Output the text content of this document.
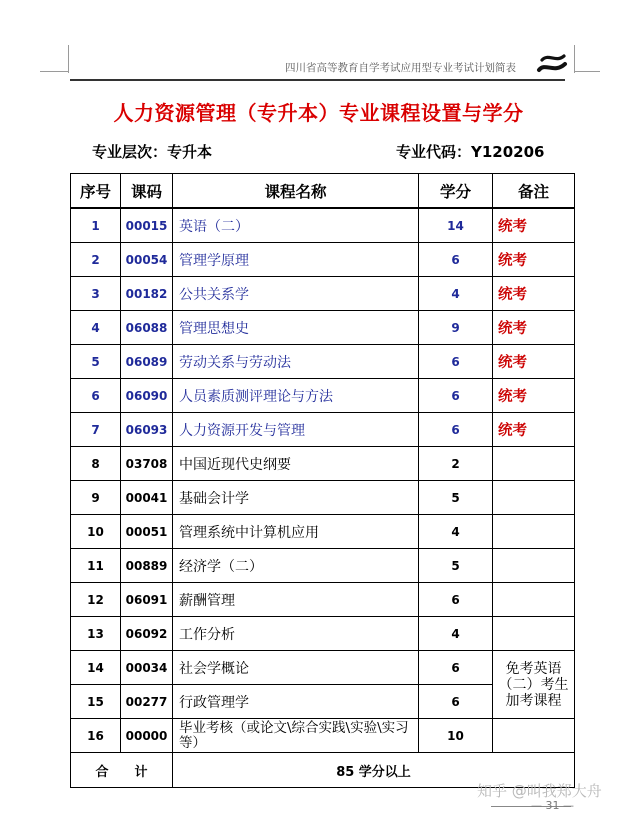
四川省高等教育自学考试应用型专业考试计划简表
人力资源管理（专升本）专业课程设置与学分
专业层次：专升本	专业代码：Y120206
序号	课码	课程名称	学分	备注
1	00015	英语（二）	14	统考
2	00054	管理学原理	6	统考
3	00182	公共关系学	4	统考
4	06088	管理思想史	9	统考
5	06089	劳动关系与劳动法	6	统考
6	06090	人员素质测评理论与方法	6	统考
7	06093	人力资源开发与管理	6	统考
8	03708	中国近现代史纲要	2	
9	00041	基础会计学	5	
10	00051	管理系统中计算机应用	4	
11	00889	经济学（二）	5	
12	06091	薪酬管理	6	
13	06092	工作分析	4	
14	00034	社会学概论	6	免考英语（二）考生加考课程
15	00277	行政管理学	6	
16	00000	毕业考核（或论文\综合实践\实验\实习等）	10	
合　　计		85 学分以上		
知乎 @叫我郑大舟
— 31 —
